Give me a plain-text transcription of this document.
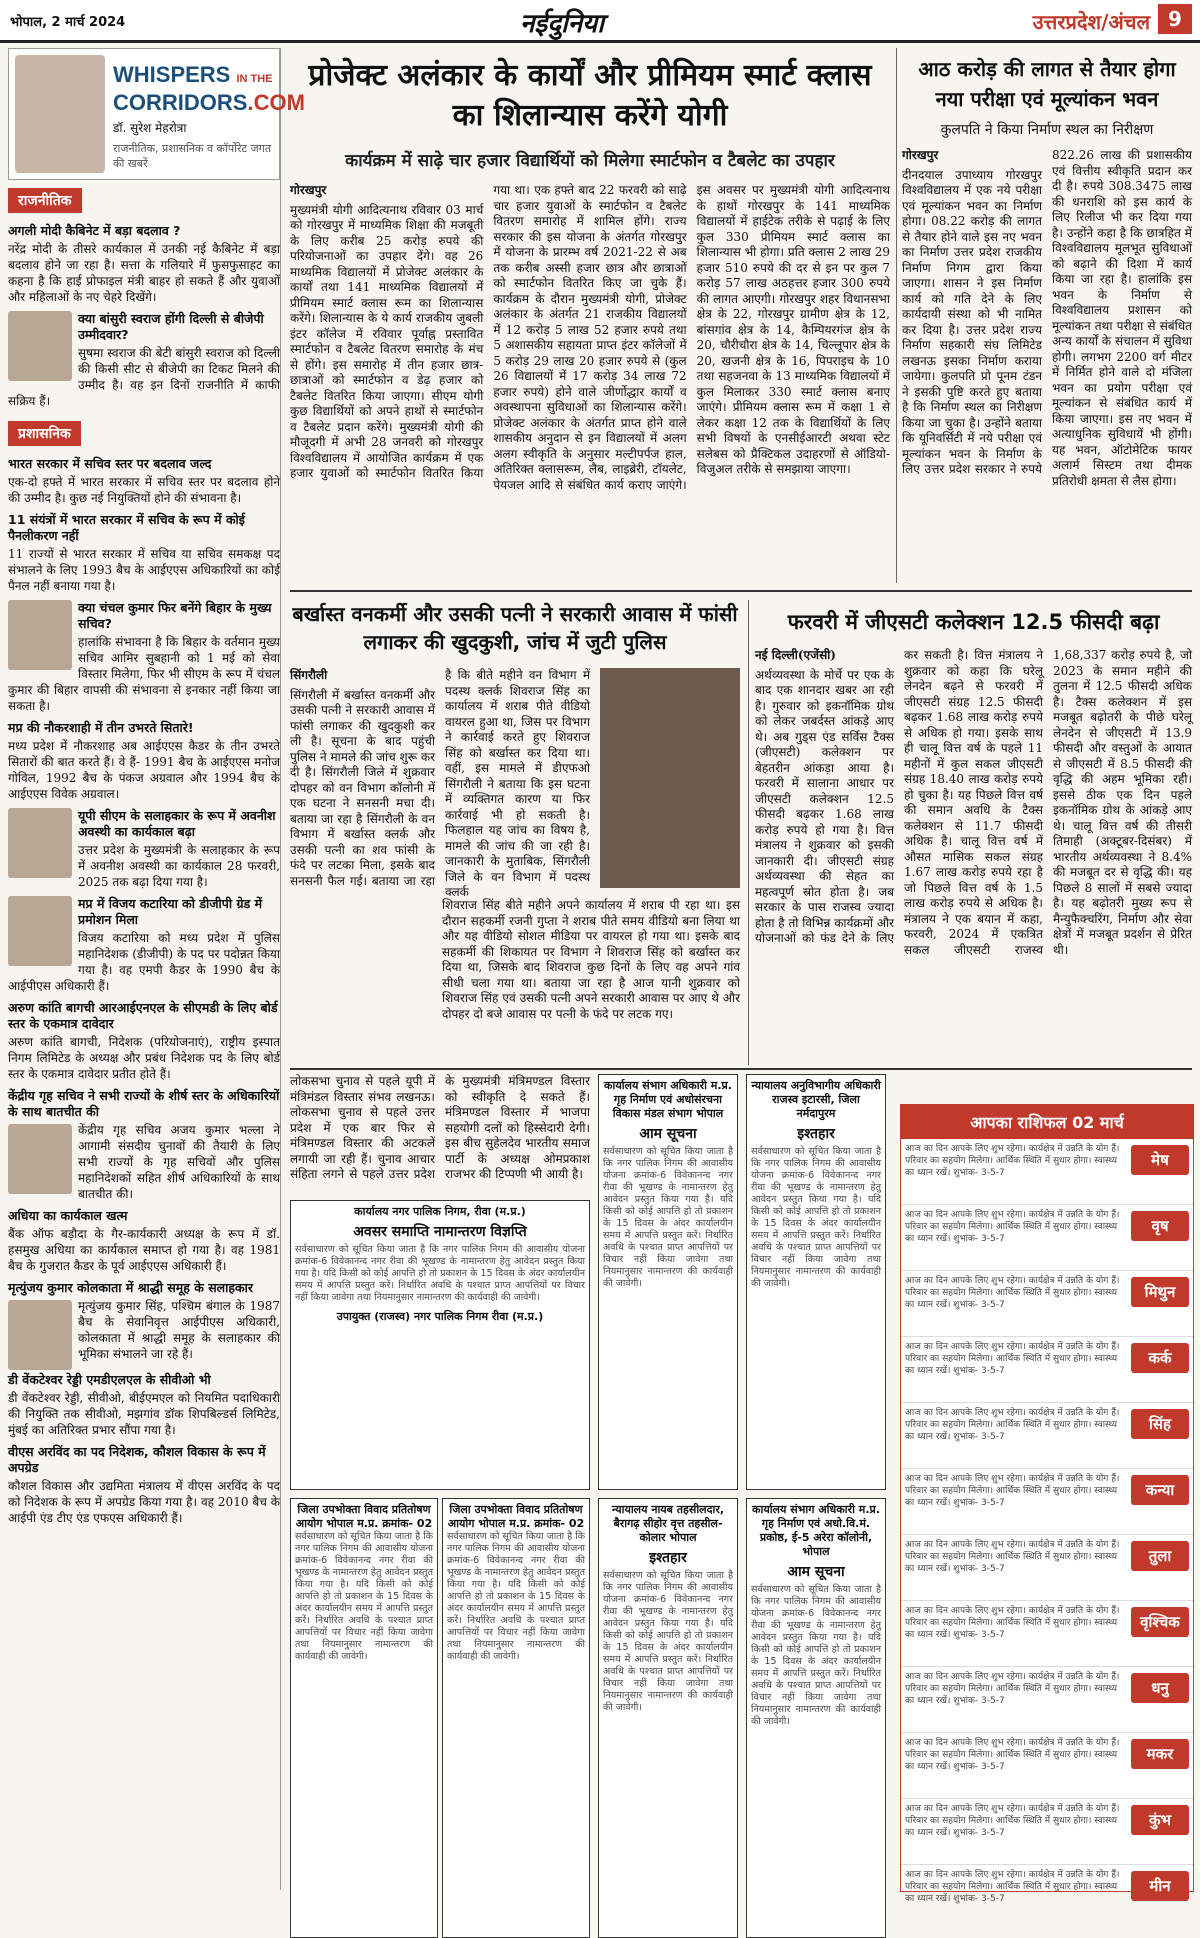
भोपाल, 2 मार्च 2024	नईदुनिया	उत्तरप्रदेश/अंचल 9
WHISPERS IN THE
CORRIDORS.COM
डॉ. सुरेश मेहरोत्रा
राजनीतिक, प्रशासनिक व कॉर्पोरेट जगत की खबरें
राजनीतिक
अगली मोदी कैबिनेट में बड़ा बदलाव ?
नरेंद्र मोदी के तीसरे कार्यकाल में उनकी नई कैबिनेट में बड़ा बदलाव होने जा रहा है। सत्ता के गलियारे में फुसफुसाहट का कहना है कि हाई प्रोफाइल मंत्री बाहर हो सकते हैं और युवाओं और महिलाओं के नए चेहरे दिखेंगे।
क्या बांसुरी स्वराज होंगी दिल्ली से बीजेपी उम्मीदवार?
सुषमा स्वराज की बेटी बांसुरी स्वराज को दिल्ली की किसी सीट से बीजेपी का टिकट मिलने की उम्मीद है। वह इन दिनों राजनीति में काफी सक्रिय हैं।
प्रशासनिक
भारत सरकार में सचिव स्तर पर बदलाव जल्द
एक-दो हफ्ते में भारत सरकार में सचिव स्तर पर बदलाव होने की उम्मीद है। कुछ नई नियुक्तियों होने की संभावना है।
11 संयंत्रों में भारत सरकार में सचिव के रूप में कोई पैनलीकरण नहीं
11 राज्यों से भारत सरकार में सचिव या सचिव समकक्ष पद संभालने के लिए 1993 बैच के आईएएस अधिकारियों का कोई पैनल नहीं बनाया गया है।
क्या चंचल कुमार फिर बनेंगे बिहार के मुख्य सचिव?
हालांकि संभावना है कि बिहार के वर्तमान मुख्य सचिव आमिर सुबहानी को 1 मई को सेवा विस्तार मिलेगा, फिर भी सीएम के रूप में चंचल कुमार की बिहार वापसी की संभावना से इनकार नहीं किया जा सकता है।
मप्र की नौकरशाही में तीन उभरते सितारे!
मध्य प्रदेश में नौकरशाह अब आईएएस कैडर के तीन उभरते सितारों की बात करते हैं। वे हैं- 1991 बैच के आईएएस मनोज गोविल, 1992 बैच के पंकज अग्रवाल और 1994 बैच के आईएएस विवेक अग्रवाल।
यूपी सीएम के सलाहकार के रूप में अवनीश अवस्थी का कार्यकाल बढ़ा
उत्तर प्रदेश के मुख्यमंत्री के सलाहकार के रूप में अवनीश अवस्थी का कार्यकाल 28 फरवरी, 2025 तक बढ़ा दिया गया है।
मप्र में विजय कटारिया को डीजीपी ग्रेड में प्रमोशन मिला
विजय कटारिया को मध्य प्रदेश में पुलिस महानिदेशक (डीजीपी) के पद पर पदोन्नत किया गया है। वह एमपी कैडर के 1990 बैच के आईपीएस अधिकारी हैं।
अरुण कांति बागची आरआईएनएल के सीएमडी के लिए बोर्ड स्तर के एकमात्र दावेदार
अरुण कांति बागची, निदेशक (परियोजनाएं), राष्ट्रीय इस्पात निगम लिमिटेड के अध्यक्ष और प्रबंध निदेशक पद के लिए बोर्ड स्तर के एकमात्र दावेदार प्रतीत होते हैं।
केंद्रीय गृह सचिव ने सभी राज्यों के शीर्ष स्तर के अधिकारियों के साथ बातचीत की
केंद्रीय गृह सचिव अजय कुमार भल्ला ने आगामी संसदीय चुनावों की तैयारी के लिए सभी राज्यों के गृह सचिवों और पुलिस महानिदेशकों सहित शीर्ष अधिकारियों के साथ बातचीत की।
अधिया का कार्यकाल खत्म
बैंक ऑफ बड़ौदा के गैर-कार्यकारी अध्यक्ष के रूप में डॉ. हसमुख अधिया का कार्यकाल समाप्त हो गया है। वह 1981 बैच के गुजरात कैडर के पूर्व आईएएस अधिकारी हैं।
मृत्युंजय कुमार कोलकाता में श्राद्धी समूह के सलाहकार
मृत्युंजय कुमार सिंह, पश्चिम बंगाल के 1987 बैच के सेवानिवृत्त आईपीएस अधिकारी, कोलकाता में श्राद्धी समूह के सलाहकार की भूमिका संभालने जा रहे हैं।
डी वेंकटेश्वर रेड्डी एमडीएलएल के सीवीओ भी
डी वेंकटेश्वर रेड्डी, सीवीओ, बीईएमएल को नियमित पदाधिकारी की नियुक्ति तक सीवीओ, मझगांव डॉक शिपबिल्डर्स लिमिटेड, मुंबई का अतिरिक्त प्रभार सौंपा गया है।
वीएस अरविंद का पद निदेशक, कौशल विकास के रूप में अपग्रेड
कौशल विकास और उद्यमिता मंत्रालय में वीएस अरविंद के पद को निदेशक के रूप में अपग्रेड किया गया है। वह 2010 बैच के आईपी एंड टीए एंड एफएस अधिकारी हैं।
प्रोजेक्ट अलंकार के कार्यों और प्रीमियम स्मार्ट क्लास का शिलान्यास करेंगे योगी
कार्यक्रम में साढ़े चार हजार विद्यार्थियों को मिलेगा स्मार्टफोन व टैबलेट का उपहार
गोरखपुर
मुख्यमंत्री योगी आदित्यनाथ रविवार 03 मार्च को गोरखपुर में माध्यमिक शिक्षा की मजबूती के लिए करीब 25 करोड़ रुपये की परियोजनाओं का उपहार देंगे। वह 26 माध्यमिक विद्यालयों में प्रोजेक्ट अलंकार के कार्यों तथा 141 माध्यमिक विद्यालयों में प्रीमियम स्मार्ट क्लास रूम का शिलान्यास करेंगे। शिलान्यास के ये कार्य राजकीय जुबली इंटर कॉलेज में रविवार पूर्वाह्न प्रस्तावित स्मार्टफोन व टैबलेट वितरण समारोह के मंच से होंगे। इस समारोह में तीन हजार छात्र-छात्राओं को स्मार्टफोन व डेढ़ हजार को टैबलेट वितरित किया जाएगा। सीएम योगी कुछ विद्यार्थियों को अपने हाथों से स्मार्टफोन व टैबलेट प्रदान करेंगे। मुख्यमंत्री योगी की मौजूदगी में अभी 28 जनवरी को गोरखपुर विश्वविद्यालय में आयोजित कार्यक्रम में एक हजार युवाओं को स्मार्टफोन वितरित किया गया था। एक हफ्ते बाद 22 फरवरी को साढ़े चार हजार युवाओं के स्मार्टफोन व टैबलेट वितरण समारोह में शामिल होंगे। राज्य सरकार की इस योजना के अंतर्गत गोरखपुर में योजना के प्रारम्भ वर्ष 2021-22 से अब तक करीब अस्सी हजार छात्र और छात्राओं को स्मार्टफोन वितरित किए जा चुके हैं। कार्यक्रम के दौरान मुख्यमंत्री योगी, प्रोजेक्ट अलंकार के अंतर्गत 21 राजकीय विद्यालयों में 12 करोड़ 5 लाख 52 हजार रुपये तथा 5 अशासकीय सहायता प्राप्त इंटर कॉलेजों में 5 करोड़ 29 लाख 20 हजार रुपये से (कुल 26 विद्यालयों में 17 करोड़ 34 लाख 72 हजार रुपये) होने वाले जीर्णोद्धार कार्यों व अवस्थापना सुविधाओं का शिलान्यास करेंगे। प्रोजेक्ट अलंकार के अंतर्गत प्राप्त होने वाले शासकीय अनुदान से इन विद्यालयों में अलग अलग स्वीकृति के अनुसार मल्टीपर्पज हाल, अतिरिक्त क्लासरूम, लैब, लाइब्रेरी, टॉयलेट, पेयजल आदि से संबंधित कार्य कराए जाएंगे। इस अवसर पर मुख्यमंत्री योगी आदित्यनाथ के हाथों गोरखपुर के 141 माध्यमिक विद्यालयों में हाईटेक तरीके से पढ़ाई के लिए कुल 330 प्रीमियम स्मार्ट क्लास का शिलान्यास भी होगा। प्रति क्लास 2 लाख 29 हजार 510 रुपये की दर से इन पर कुल 7 करोड़ 57 लाख अठहत्तर हजार 300 रुपये की लागत आएगी। गोरखपुर शहर विधानसभा क्षेत्र के 22, गोरखपुर ग्रामीण क्षेत्र के 12, बांसगांव क्षेत्र के 14, कैम्पियरगंज क्षेत्र के 20, चौरीचौरा क्षेत्र के 14, चिल्लूपार क्षेत्र के 20, खजनी क्षेत्र के 16, पिपराइच के 10 तथा सहजनवा के 13 माध्यमिक विद्यालयों में कुल मिलाकर 330 स्मार्ट क्लास बनाए जाएंगे। प्रीमियम क्लास रूम में कक्षा 1 से लेकर कक्षा 12 तक के विद्यार्थियों के लिए सभी विषयों के एनसीईआरटी अथवा स्टेट सलेबस को प्रैक्टिकल उदाहरणों से ऑडियो-विजुअल तरीके से समझाया जाएगा।
आठ करोड़ की लागत से तैयार होगा नया परीक्षा एवं मूल्यांकन भवन
कुलपति ने किया निर्माण स्थल का निरीक्षण
गोरखपुर
दीनदयाल उपाध्याय गोरखपुर विश्वविद्यालय में एक नये परीक्षा एवं मूल्यांकन भवन का निर्माण होगा। 08.22 करोड़ की लागत से तैयार होने वाले इस नए भवन का निर्माण उत्तर प्रदेश राजकीय निर्माण निगम द्वारा किया जाएगा। शासन ने इस निर्माण कार्य को गति देने के लिए कार्यदायी संस्था को भी नामित कर दिया है। उत्तर प्रदेश राज्य निर्माण सहकारी संघ लिमिटेड लखनऊ इसका निर्माण कराया जायेगा। कुलपति प्रो पूनम टंडन ने इसकी पुष्टि करते हुए बताया है कि निर्माण स्थल का निरीक्षण किया जा चुका है। उन्होंने बताया कि यूनिवर्सिटी में नये परीक्षा एवं मूल्यांकन भवन के निर्माण के लिए उत्तर प्रदेश सरकार ने रुपये 822.26 लाख की प्रशासकीय एवं वित्तीय स्वीकृति प्रदान कर दी है। रुपये 308.3475 लाख की धनराशि को इस कार्य के लिए रिलीज भी कर दिया गया है। उन्होंने कहा है कि छात्रहित में विश्वविद्यालय मूलभूत सुविधाओं को बढ़ाने की दिशा में कार्य किया जा रहा है। हालांकि इस भवन के निर्माण से विश्वविद्यालय प्रशासन को मूल्यांकन तथा परीक्षा से संबंधित अन्य कार्यों के संचालन में सुविधा होगी। लगभग 2200 वर्ग मीटर में निर्मित होने वाले दो मंजिला भवन का प्रयोग परीक्षा एवं मूल्यांकन से संबंधित कार्य में किया जाएगा। इस नए भवन में अत्याधुनिक सुविधायें भी होंगी। यह भवन, ऑटोमेटिक फायर अलार्म सिस्टम तथा दीमक प्रतिरोधी क्षमता से लैस होगा।
बर्खास्त वनकर्मी और उसकी पत्नी ने सरकारी आवास में फांसी लगाकर की खुदकुशी, जांच में जुटी पुलिस
सिंगरौली
सिंगरौली में बर्खास्त वनकर्मी और उसकी पत्नी ने सरकारी आवास में फांसी लगाकर की खुदकुशी कर ली है। सूचना के बाद पहुंची पुलिस ने मामले की जांच शुरू कर दी है। सिंगरौली जिले में शुक्रवार दोपहर को वन विभाग कॉलोनी में एक घटना ने सनसनी मचा दी। बताया जा रहा है सिंगरौली के वन विभाग में बर्खास्त क्लर्क और उसकी पत्नी का शव फांसी के फंदे पर लटका मिला, इसके बाद सनसनी फैल गई। बताया जा रहा है कि बीते महीने वन विभाग में पदस्थ क्लर्क शिवराज सिंह का कार्यालय में शराब पीते वीडियो वायरल हुआ था, जिस पर विभाग ने कार्रवाई करते हुए शिवराज सिंह को बर्खास्त कर दिया था। वहीं, इस मामले में डीएफओ सिंगरौली ने बताया कि इस घटना में व्यक्तिगत कारण या फिर कार्रवाई भी हो सकती है। फिलहाल यह जांच का विषय है, मामले की जांच की जा रही है। जानकारी के मुताबिक, सिंगरौली जिले के वन विभाग में पदस्थ क्लर्क
शिवराज सिंह बीते महीने अपने कार्यालय में शराब पी रहा था। इस दौरान सहकर्मी रजनी गुप्ता ने शराब पीते समय वीडियो बना लिया था और यह वीडियो सोशल मीडिया पर वायरल हो गया था। इसके बाद सहकर्मी की शिकायत पर विभाग ने शिवराज सिंह को बर्खास्त कर दिया था, जिसके बाद शिवराज कुछ दिनों के लिए वह अपने गांव सीधी चला गया था। बताया जा रहा है आज यानी शुक्रवार को शिवराज सिंह एवं उसकी पत्नी अपने सरकारी आवास पर आए थे और दोपहर दो बजे आवास पर पत्नी के फंदे पर लटक गए।
फरवरी में जीएसटी कलेक्शन 12.5 फीसदी बढ़ा
नई दिल्ली(एजेंसी)
अर्थव्यवस्था के मोर्चे पर एक के बाद एक शानदार खबर आ रही है। गुरुवार को इकनॉमिक ग्रोथ को लेकर जबर्दस्त आंकड़े आए थे। अब गुड्स एंड सर्विस टैक्स (जीएसटी) कलेक्शन पर बेहतरीन आंकड़ा आया है। फरवरी में सालाना आधार पर जीएसटी कलेक्शन 12.5 फीसदी बढ़कर 1.68 लाख करोड़ रुपये हो गया है। वित्त मंत्रालय ने शुक्रवार को इसकी जानकारी दी। जीएसटी संग्रह अर्थव्यवस्था की सेहत का महत्वपूर्ण स्रोत होता है। जब सरकार के पास राजस्व ज्यादा होता है तो विभिन्न कार्यक्रमों और योजनाओं को फंड देने के लिए कर सकती है। वित्त मंत्रालय ने शुक्रवार को कहा कि घरेलू लेनदेन बढ़ने से फरवरी में जीएसटी संग्रह 12.5 फीसदी बढ़कर 1.68 लाख करोड़ रुपये से अधिक हो गया। इसके साथ ही चालू वित्त वर्ष के पहले 11 महीनों में कुल सकल जीएसटी संग्रह 18.40 लाख करोड़ रुपये हो चुका है। यह पिछले वित्त वर्ष की समान अवधि के टैक्स कलेक्शन से 11.7 फीसदी अधिक है। चालू वित्त वर्ष में औसत मासिक सकल संग्रह 1.67 लाख करोड़ रुपये रहा है जो पिछले वित्त वर्ष के 1.5 लाख करोड़ रुपये से अधिक है। मंत्रालय ने एक बयान में कहा, फरवरी, 2024 में एकत्रित सकल जीएसटी राजस्व 1,68,337 करोड़ रुपये है, जो 2023 के समान महीने की तुलना में 12.5 फीसदी अधिक है। टैक्स कलेक्शन में इस मजबूत बढ़ोतरी के पीछे घरेलू लेनदेन से जीएसटी में 13.9 फीसदी और वस्तुओं के आयात से जीएसटी में 8.5 फीसदी की वृद्धि की अहम भूमिका रही। इससे ठीक एक दिन पहले इकनॉमिक ग्रोथ के आंकड़े आए थे। चालू वित्त वर्ष की तीसरी तिमाही (अक्टूबर-दिसंबर) में भारतीय अर्थव्यवस्था ने 8.4% की मजबूत दर से वृद्धि की। यह पिछले 8 सालों में सबसे ज्यादा है। यह बढ़ोतरी मुख्य रूप से मैन्युफैक्चरिंग, निर्माण और सेवा क्षेत्रों में मजबूत प्रदर्शन से प्रेरित थी।
लोकसभा चुनाव से पहले यूपी में मंत्रिमंडल विस्तार संभव लखनऊ। लोकसभा चुनाव से पहले उत्तर प्रदेश में एक बार फिर से मंत्रिमण्डल विस्तार की अटकलें लगायी जा रही हैं। चुनाव आचार संहिता लगने से पहले उत्तर प्रदेश के मुख्यमंत्री मंत्रिमण्डल विस्तार को स्वीकृति दे सकते हैं। मंत्रिमण्डल विस्तार में भाजपा सहयोगी दलों को हिस्सेदारी देगी। इस बीच सुहेलदेव भारतीय समाज पार्टी के अध्यक्ष ओमप्रकाश राजभर की टिप्पणी भी आयी है।
कार्यालय नगर पालिक निगम, रीवा (म.प्र.)
अवसर समाप्ति नामान्तरण विज्ञप्ति
सर्वसाधारण को सूचित किया जाता है कि नगर पालिक निगम की आवासीय योजना क्रमांक-6 विवेकानन्द नगर रीवा की भूखण्ड के नामान्तरण हेतु आवेदन प्रस्तुत किया गया है। यदि किसी को कोई आपत्ति हो तो प्रकाशन के 15 दिवस के अंदर कार्यालयीन समय में आपत्ति प्रस्तुत करें। निर्धारित अवधि के पश्चात प्राप्त आपत्तियों पर विचार नहीं किया जावेगा तथा नियमानुसार नामान्तरण की कार्यवाही की जावेगी।
उपायुक्त (राजस्व) नगर पालिक निगम रीवा (म.प्र.)
कार्यालय संभाग अधिकारी म.प्र. गृह निर्माण एवं अधोसंरचना विकास मंडल संभाग भोपाल
आम सूचना
सर्वसाधारण को सूचित किया जाता है कि नगर पालिक निगम की आवासीय योजना क्रमांक-6 विवेकानन्द नगर रीवा की भूखण्ड के नामान्तरण हेतु आवेदन प्रस्तुत किया गया है। यदि किसी को कोई आपत्ति हो तो प्रकाशन के 15 दिवस के अंदर कार्यालयीन समय में आपत्ति प्रस्तुत करें। निर्धारित अवधि के पश्चात प्राप्त आपत्तियों पर विचार नहीं किया जावेगा तथा नियमानुसार नामान्तरण की कार्यवाही की जावेगी।
न्यायालय अनुविभागीय अधिकारी राजस्व इटारसी, जिला नर्मदापुरम
इश्तहार
सर्वसाधारण को सूचित किया जाता है कि नगर पालिक निगम की आवासीय योजना क्रमांक-6 विवेकानन्द नगर रीवा की भूखण्ड के नामान्तरण हेतु आवेदन प्रस्तुत किया गया है। यदि किसी को कोई आपत्ति हो तो प्रकाशन के 15 दिवस के अंदर कार्यालयीन समय में आपत्ति प्रस्तुत करें। निर्धारित अवधि के पश्चात प्राप्त आपत्तियों पर विचार नहीं किया जावेगा तथा नियमानुसार नामान्तरण की कार्यवाही की जावेगी।
जिला उपभोक्ता विवाद प्रतितोषण आयोग भोपाल म.प्र. क्रमांक- 02
सर्वसाधारण को सूचित किया जाता है कि नगर पालिक निगम की आवासीय योजना क्रमांक-6 विवेकानन्द नगर रीवा की भूखण्ड के नामान्तरण हेतु आवेदन प्रस्तुत किया गया है। यदि किसी को कोई आपत्ति हो तो प्रकाशन के 15 दिवस के अंदर कार्यालयीन समय में आपत्ति प्रस्तुत करें। निर्धारित अवधि के पश्चात प्राप्त आपत्तियों पर विचार नहीं किया जावेगा तथा नियमानुसार नामान्तरण की कार्यवाही की जावेगी।
जिला उपभोक्ता विवाद प्रतितोषण आयोग भोपाल म.प्र. क्रमांक- 02
सर्वसाधारण को सूचित किया जाता है कि नगर पालिक निगम की आवासीय योजना क्रमांक-6 विवेकानन्द नगर रीवा की भूखण्ड के नामान्तरण हेतु आवेदन प्रस्तुत किया गया है। यदि किसी को कोई आपत्ति हो तो प्रकाशन के 15 दिवस के अंदर कार्यालयीन समय में आपत्ति प्रस्तुत करें। निर्धारित अवधि के पश्चात प्राप्त आपत्तियों पर विचार नहीं किया जावेगा तथा नियमानुसार नामान्तरण की कार्यवाही की जावेगी।
न्यायालय नायब तहसीलदार, बैरागढ़ सीहोर वृत्त तहसील- कोलार भोपाल
इश्तहार
सर्वसाधारण को सूचित किया जाता है कि नगर पालिक निगम की आवासीय योजना क्रमांक-6 विवेकानन्द नगर रीवा की भूखण्ड के नामान्तरण हेतु आवेदन प्रस्तुत किया गया है। यदि किसी को कोई आपत्ति हो तो प्रकाशन के 15 दिवस के अंदर कार्यालयीन समय में आपत्ति प्रस्तुत करें। निर्धारित अवधि के पश्चात प्राप्त आपत्तियों पर विचार नहीं किया जावेगा तथा नियमानुसार नामान्तरण की कार्यवाही की जावेगी।
कार्यालय संभाग अधिकारी म.प्र. गृह निर्माण एवं अधो.वि.मं. प्रकोष्ठ, ई-5 अरेरा कॉलोनी, भोपाल
आम सूचना
सर्वसाधारण को सूचित किया जाता है कि नगर पालिक निगम की आवासीय योजना क्रमांक-6 विवेकानन्द नगर रीवा की भूखण्ड के नामान्तरण हेतु आवेदन प्रस्तुत किया गया है। यदि किसी को कोई आपत्ति हो तो प्रकाशन के 15 दिवस के अंदर कार्यालयीन समय में आपत्ति प्रस्तुत करें। निर्धारित अवधि के पश्चात प्राप्त आपत्तियों पर विचार नहीं किया जावेगा तथा नियमानुसार नामान्तरण की कार्यवाही की जावेगी।
आपका राशिफल 02 मार्च
आज का दिन आपके लिए शुभ रहेगा। कार्यक्षेत्र में उन्नति के योग हैं। परिवार का सहयोग मिलेगा। आर्थिक स्थिति में सुधार होगा। स्वास्थ्य का ध्यान रखें। शुभांक- 3-5-7
मेष
आज का दिन आपके लिए शुभ रहेगा। कार्यक्षेत्र में उन्नति के योग हैं। परिवार का सहयोग मिलेगा। आर्थिक स्थिति में सुधार होगा। स्वास्थ्य का ध्यान रखें। शुभांक- 3-5-7
वृष
आज का दिन आपके लिए शुभ रहेगा। कार्यक्षेत्र में उन्नति के योग हैं। परिवार का सहयोग मिलेगा। आर्थिक स्थिति में सुधार होगा। स्वास्थ्य का ध्यान रखें। शुभांक- 3-5-7
मिथुन
आज का दिन आपके लिए शुभ रहेगा। कार्यक्षेत्र में उन्नति के योग हैं। परिवार का सहयोग मिलेगा। आर्थिक स्थिति में सुधार होगा। स्वास्थ्य का ध्यान रखें। शुभांक- 3-5-7
कर्क
आज का दिन आपके लिए शुभ रहेगा। कार्यक्षेत्र में उन्नति के योग हैं। परिवार का सहयोग मिलेगा। आर्थिक स्थिति में सुधार होगा। स्वास्थ्य का ध्यान रखें। शुभांक- 3-5-7
सिंह
आज का दिन आपके लिए शुभ रहेगा। कार्यक्षेत्र में उन्नति के योग हैं। परिवार का सहयोग मिलेगा। आर्थिक स्थिति में सुधार होगा। स्वास्थ्य का ध्यान रखें। शुभांक- 3-5-7
कन्या
आज का दिन आपके लिए शुभ रहेगा। कार्यक्षेत्र में उन्नति के योग हैं। परिवार का सहयोग मिलेगा। आर्थिक स्थिति में सुधार होगा। स्वास्थ्य का ध्यान रखें। शुभांक- 3-5-7
तुला
आज का दिन आपके लिए शुभ रहेगा। कार्यक्षेत्र में उन्नति के योग हैं। परिवार का सहयोग मिलेगा। आर्थिक स्थिति में सुधार होगा। स्वास्थ्य का ध्यान रखें। शुभांक- 3-5-7
वृश्चिक
आज का दिन आपके लिए शुभ रहेगा। कार्यक्षेत्र में उन्नति के योग हैं। परिवार का सहयोग मिलेगा। आर्थिक स्थिति में सुधार होगा। स्वास्थ्य का ध्यान रखें। शुभांक- 3-5-7
धनु
आज का दिन आपके लिए शुभ रहेगा। कार्यक्षेत्र में उन्नति के योग हैं। परिवार का सहयोग मिलेगा। आर्थिक स्थिति में सुधार होगा। स्वास्थ्य का ध्यान रखें। शुभांक- 3-5-7
मकर
आज का दिन आपके लिए शुभ रहेगा। कार्यक्षेत्र में उन्नति के योग हैं। परिवार का सहयोग मिलेगा। आर्थिक स्थिति में सुधार होगा। स्वास्थ्य का ध्यान रखें। शुभांक- 3-5-7
कुंभ
आज का दिन आपके लिए शुभ रहेगा। कार्यक्षेत्र में उन्नति के योग हैं। परिवार का सहयोग मिलेगा। आर्थिक स्थिति में सुधार होगा। स्वास्थ्य का ध्यान रखें। शुभांक- 3-5-7
मीन
